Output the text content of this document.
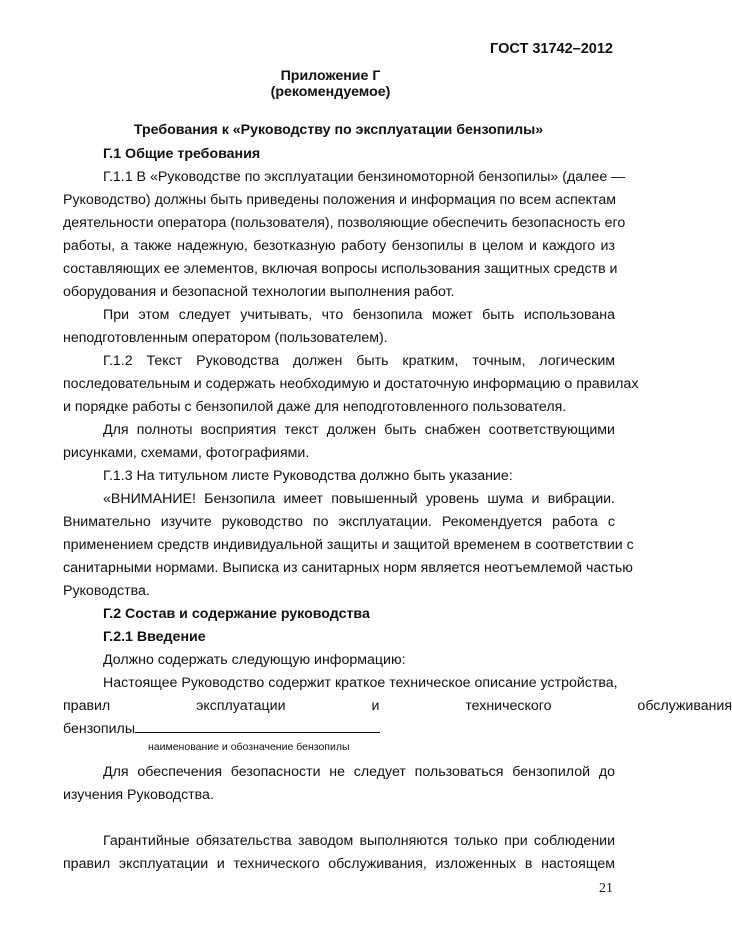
ГОСТ 31742–2012
Приложение Г
(рекомендуемое)
Требования к «Руководству по эксплуатации бензопилы»
Г.1 Общие требования
Г.1.1 В «Руководстве по эксплуатации бензиномоторной бензопилы» (далее —
Руководство) должны быть приведены положения и информация по всем аспектам
деятельности оператора (пользователя), позволяющие обеспечить безопасность его
работы, а также надежную, безотказную работу бензопилы в целом и каждого из
составляющих ее элементов, включая вопросы использования защитных средств и
оборудования и безопасной технологии выполнения работ.
При этом следует учитывать, что бензопила может быть использована
неподготовленным оператором (пользователем).
Г.1.2 Текст Руководства должен быть кратким, точным, логическим
последовательным и содержать необходимую и достаточную информацию о правилах
и порядке работы с бензопилой даже для неподготовленного пользователя.
Для полноты восприятия текст должен быть снабжен соответствующими
рисунками, схемами, фотографиями.
Г.1.3 На титульном листе Руководства должно быть указание:
«ВНИМАНИЕ! Бензопила имеет повышенный уровень шума и вибрации.
Внимательно изучите руководство по эксплуатации. Рекомендуется работа с
применением средств индивидуальной защиты и защитой временем в соответствии с
санитарными нормами. Выписка из санитарных норм является неотъемлемой частью
Руководства.
Г.2 Состав и содержание руководства
Г.2.1 Введение
Должно содержать следующую информацию:
Настоящее Руководство содержит краткое техническое описание устройства,
правил эксплуатации и технического обслуживания
бензопилы
наименование и обозначение бензопилы
Для обеспечения безопасности не следует пользоваться бензопилой до
изучения Руководства.
Гарантийные обязательства заводом выполняются только при соблюдении
правил эксплуатации и технического обслуживания, изложенных в настоящем
21
